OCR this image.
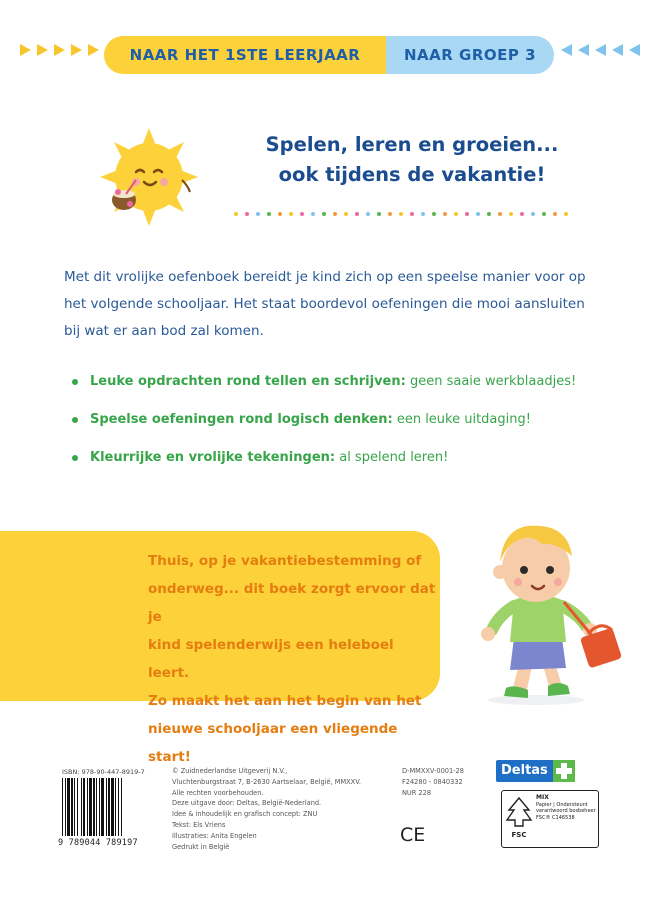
NAAR HET 1STE LEERJAAR	NAAR GROEP 3
Spelen, leren en groeien...
ook tijdens de vakantie!
Met dit vrolijke oefenboek bereidt je kind zich op een speelse manier voor op het volgende schooljaar. Het staat boordevol oefeningen die mooi aansluiten bij wat er aan bod zal komen.
Leuke opdrachten rond tellen en schrijven: geen saaie werkblaadjes!
Speelse oefeningen rond logisch denken: een leuke uitdaging!
Kleurrijke en vrolijke tekeningen: al spelend leren!
Thuis, op je vakantiebestemming of
onderweg... dit boek zorgt ervoor dat je
kind spelenderwijs een heleboel leert.
Zo maakt het aan het begin van het
nieuwe schooljaar een vliegende start!
ISBN: 978-90-447-8919-7
9 789044 789197
© Zuidnederlandse Uitgeverij N.V.,
Vluchtenburgstraat 7, B-2630 Aartselaar, België, MMXXV.
Alle rechten voorbehouden.
Deze uitgave door: Deltas, België-Nederland.
Idee & inhoudelijk en grafisch concept: ZNU
Tekst: Els Vriens
Illustraties: Anita Engelen
Gedrukt in België
D-MMXXV-0001-28
F24280 - 0840332
NUR 228
CE
Deltas
FSC
MIX
Papier | Ondersteunt
verantwoord bosbeheer
FSC® C146538
